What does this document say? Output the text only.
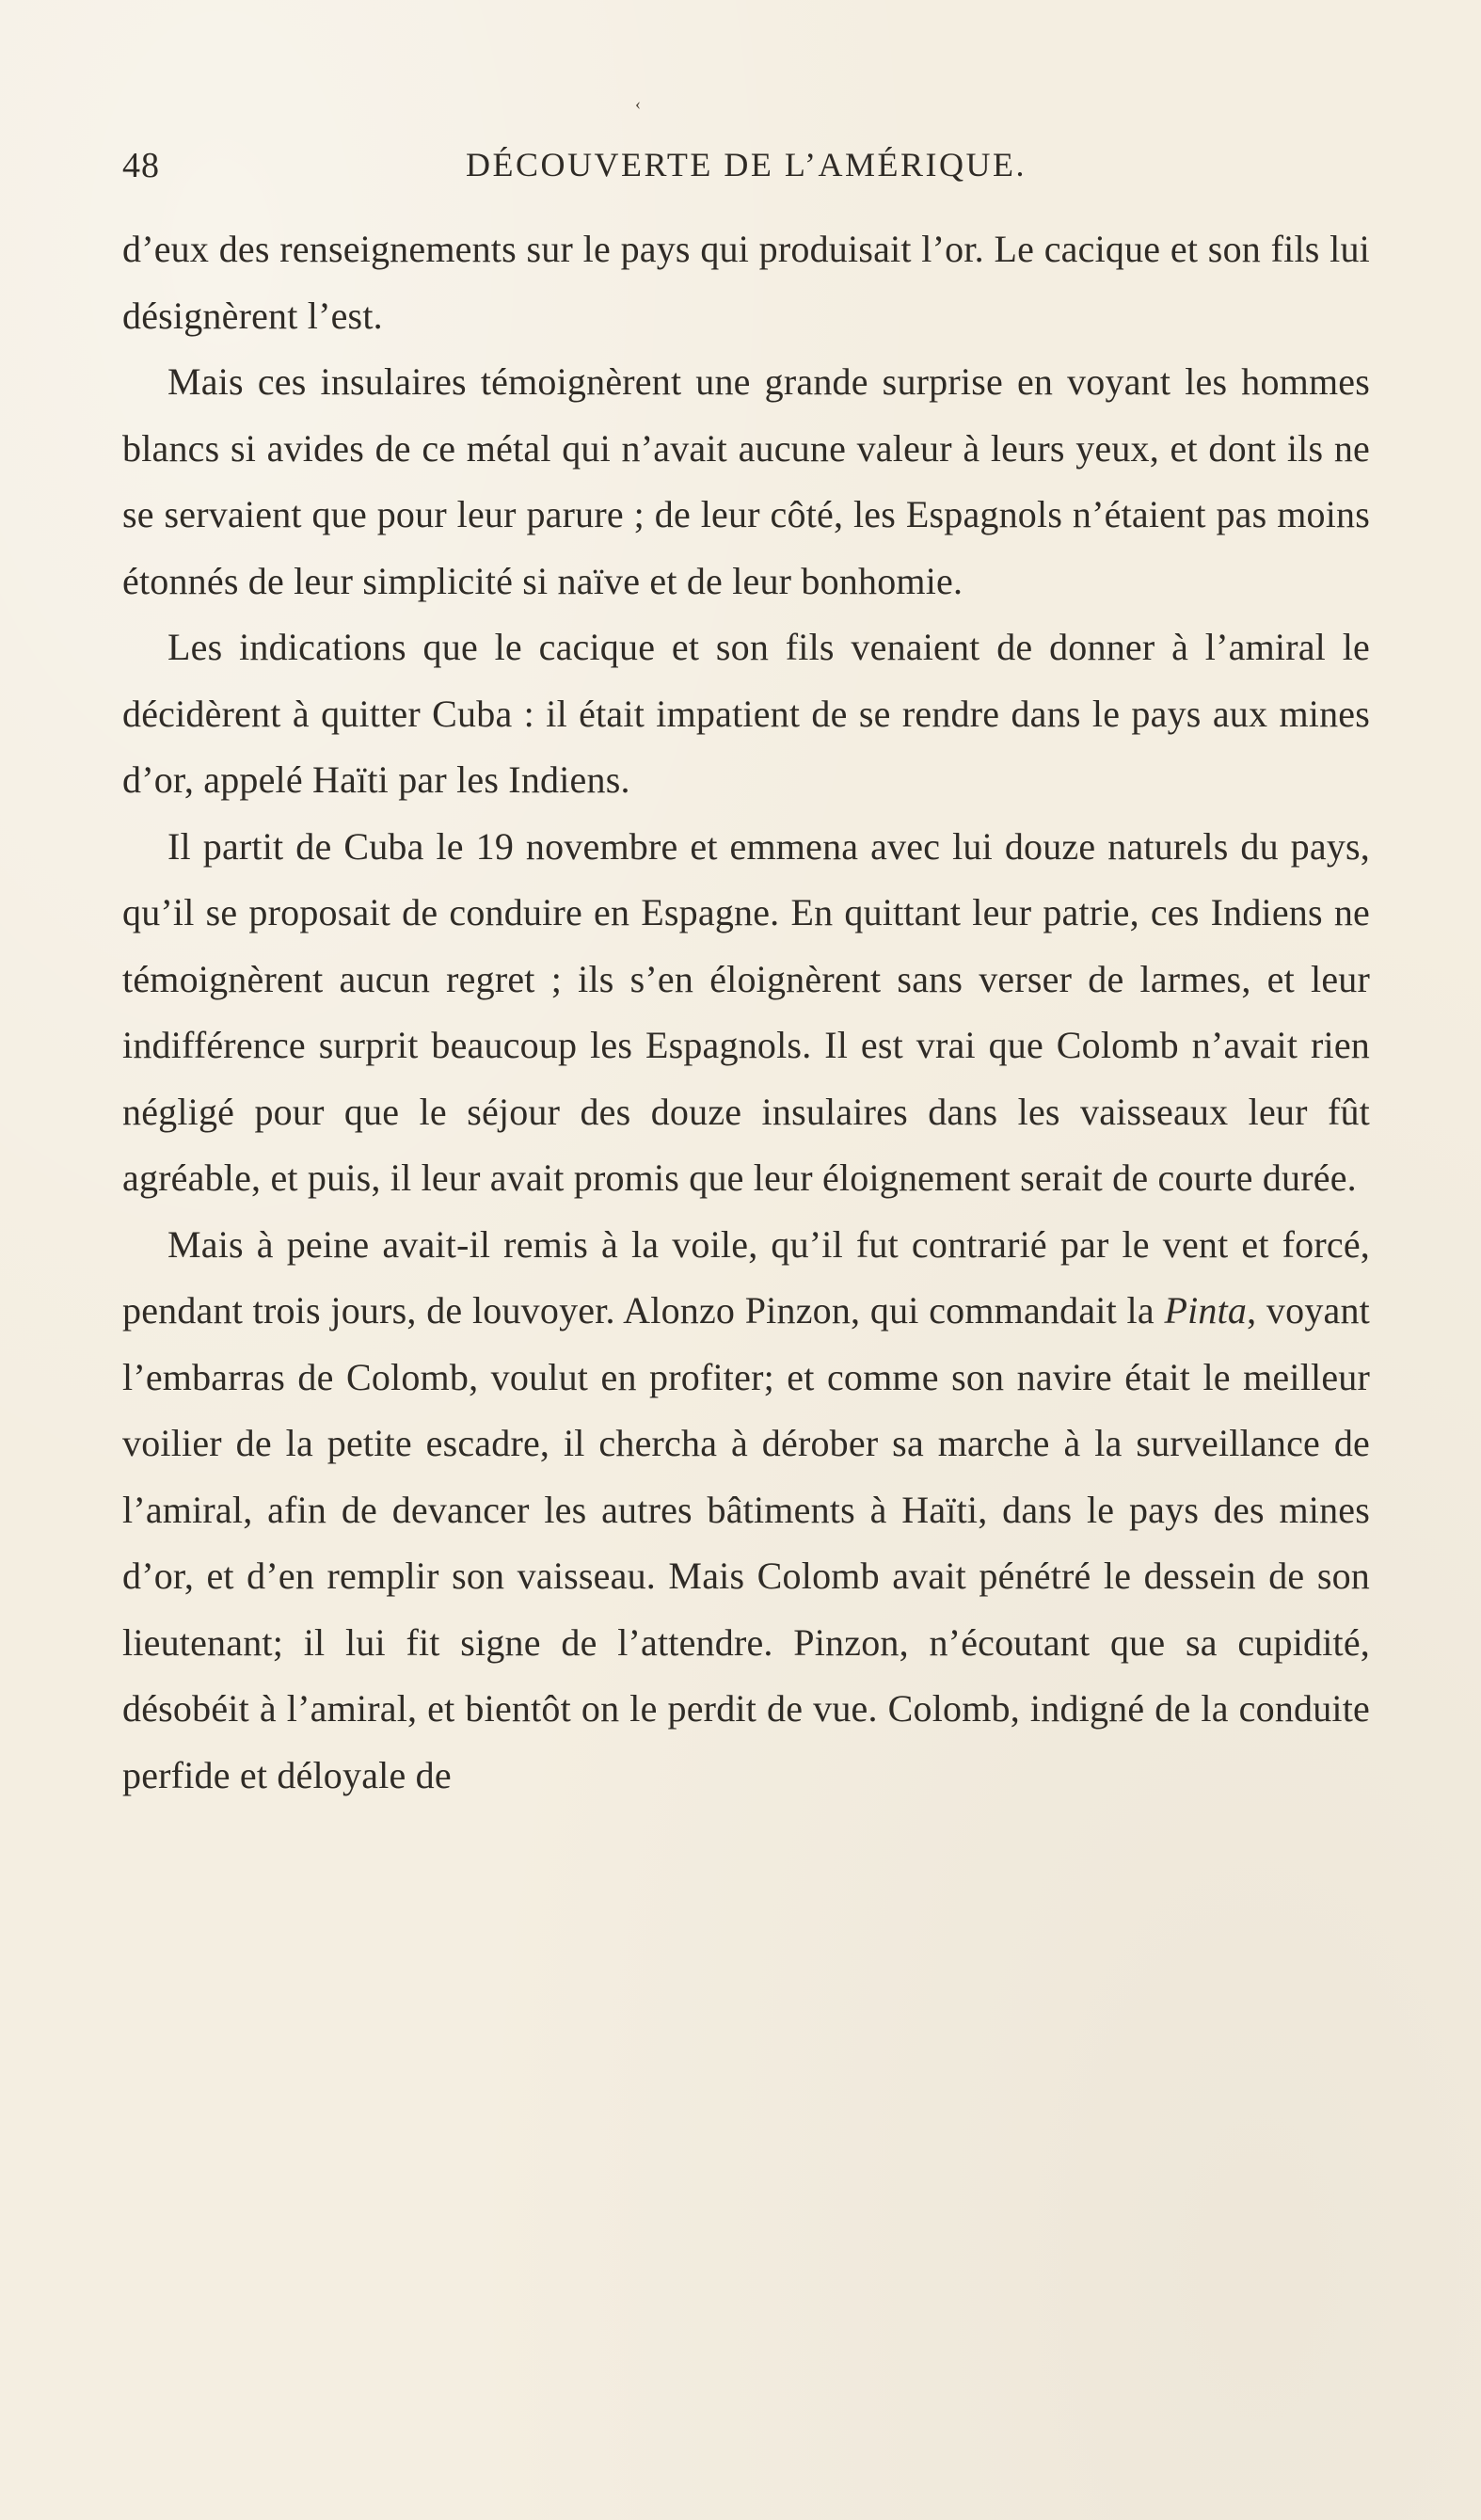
‹
48	DÉCOUVERTE DE L’AMÉRIQUE.

d’eux des renseignements sur le pays qui produisait l’or. Le cacique et son fils lui désignèrent l’est.

Mais ces insulaires témoignèrent une grande surprise en voyant les hommes blancs si avides de ce métal qui n’avait aucune valeur à leurs yeux, et dont ils ne se servaient que pour leur parure ; de leur côté, les Espagnols n’étaient pas moins étonnés de leur simplicité si naïve et de leur bonhomie.

Les indications que le cacique et son fils venaient de donner à l’amiral le décidèrent à quitter Cuba : il était impatient de se rendre dans le pays aux mines d’or, appelé Haïti par les Indiens.

Il partit de Cuba le 19 novembre et emmena avec lui douze naturels du pays, qu’il se proposait de conduire en Espagne. En quittant leur patrie, ces Indiens ne témoignèrent aucun regret ; ils s’en éloignèrent sans verser de larmes, et leur indifférence surprit beaucoup les Espagnols. Il est vrai que Colomb n’avait rien négligé pour que le séjour des douze insulaires dans les vaisseaux leur fût agréable, et puis, il leur avait promis que leur éloignement serait de courte durée.

Mais à peine avait-il remis à la voile, qu’il fut contrarié par le vent et forcé, pendant trois jours, de louvoyer. Alonzo Pinzon, qui commandait la Pinta, voyant l’embarras de Colomb, voulut en profiter; et comme son navire était le meilleur voilier de la petite escadre, il chercha à dérober sa marche à la surveillance de l’amiral, afin de devancer les autres bâtiments à Haïti, dans le pays des mines d’or, et d’en remplir son vaisseau. Mais Colomb avait pénétré le dessein de son lieutenant; il lui fit signe de l’attendre. Pinzon, n’écoutant que sa cupidité, désobéit à l’amiral, et bientôt on le perdit de vue. Colomb, indigné de la conduite perfide et déloyale de
